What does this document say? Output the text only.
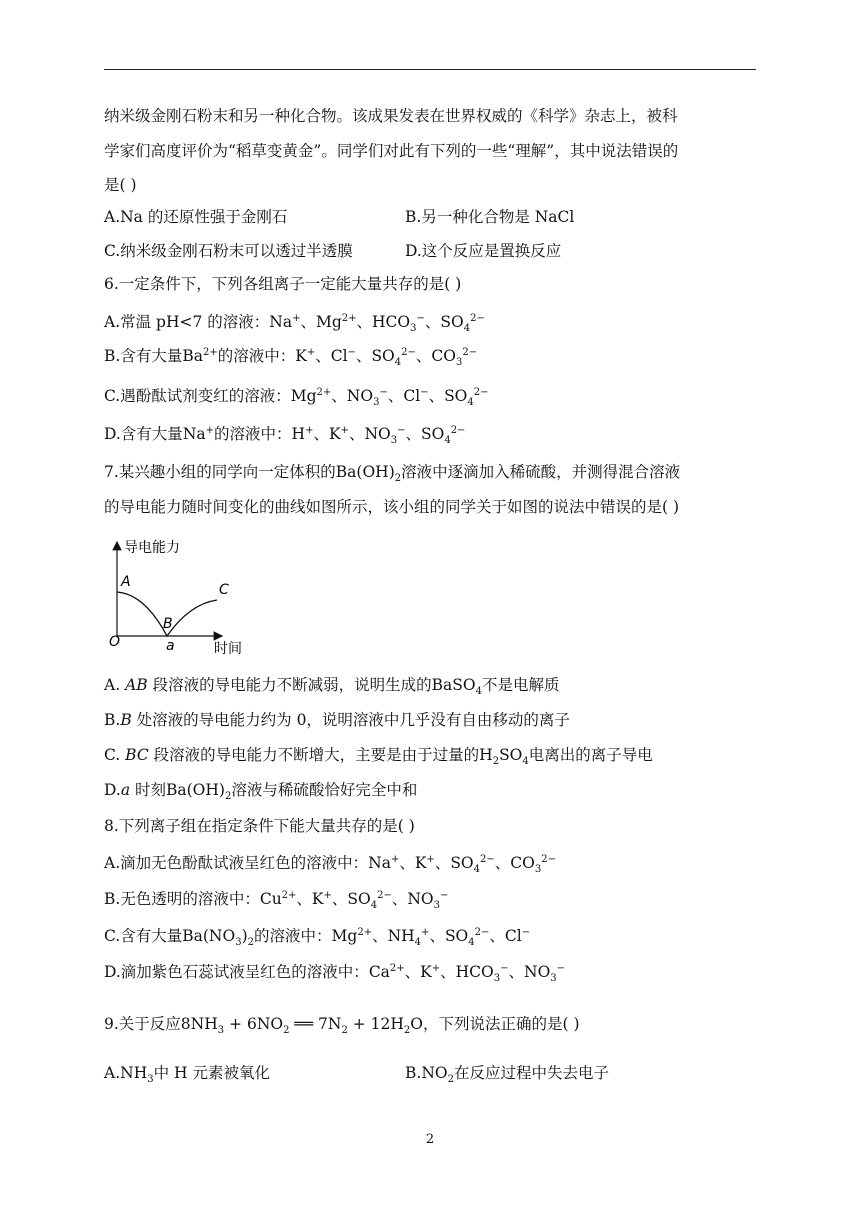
纳米级金刚石粉末和另一种化合物。该成果发表在世界权威的《科学》杂志上，被科
学家们高度评价为“稻草变黄金”。同学们对此有下列的一些“理解”，其中说法错误的
是( )
A.Na 的还原性强于金刚石	B.另一种化合物是 NaCl
C.纳米级金刚石粉末可以透过半透膜	D.这个反应是置换反应
6.一定条件下，下列各组离子一定能大量共存的是( )
A.常温 pH<7 的溶液：Na+、$Mg^{2+}$、$HCO_3^-$、$SO_4^{2-}$
B.含有大量$Ba^{2+}$的溶液中：K+、Cl−、$SO_4^{2-}$、$CO_3^{2-}$
C.遇酚酞试剂变红的溶液：$Mg^{2+}$、$NO_3^-$、Cl−、$SO_4^{2-}$
D.含有大量Na+的溶液中：H+、K+、$NO_3^-$、$SO_4^{2-}$
7.某兴趣小组的同学向一定体积的$Ba(OH)_2$溶液中逐滴加入稀硫酸，并测得混合溶液
的导电能力随时间变化的曲线如图所示，该小组的同学关于如图的说法中错误的是( )
导电能力
时间
O
A
B
C
a
A. AB 段溶液的导电能力不断减弱，说明生成的BaSO$_4$不是电解质
B.B 处溶液的导电能力约为 0，说明溶液中几乎没有自由移动的离子
C. BC 段溶液的导电能力不断增大，主要是由于过量的$H_2SO_4$电离出的离子导电
D.a 时刻$Ba(OH)_2$溶液与稀硫酸恰好完全中和
8.下列离子组在指定条件下能大量共存的是( )
A.滴加无色酚酞试液呈红色的溶液中：Na+、K+、$SO_4^{2-}$、$CO_3^{2-}$
B.无色透明的溶液中：$Cu^{2+}$、K+、$SO_4^{2-}$、$NO_3^-$
C.含有大量$Ba(NO_3)_2$的溶液中：$Mg^{2+}$、$NH_4^+$、$SO_4^{2-}$、Cl−
D.滴加紫色石蕊试液呈红色的溶液中：$Ca^{2+}$、K+、$HCO_3^-$、$NO_3^-$
9.关于反应$8NH_3 + 6NO_2$ ══ $7N_2 + 12H_2O$，下列说法正确的是( )
$A.NH_3$中 H 元素被氧化	$B.NO_2$在反应过程中失去电子
2
